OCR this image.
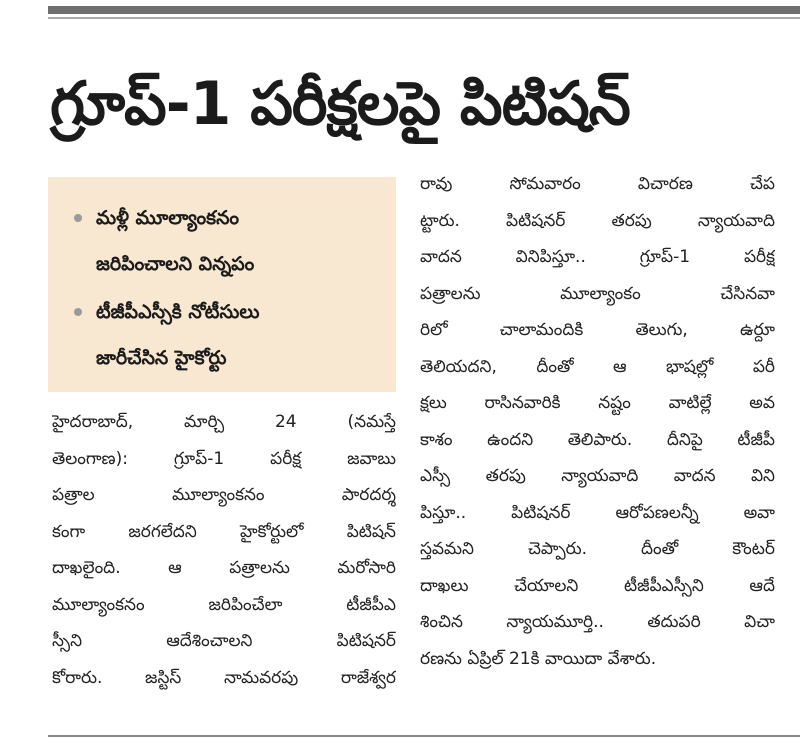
గ్రూప్-1 పరీక్షలపై పిటిషన్
మళ్లీ మూల్యాంకనం
జరిపించాలని విన్నపం
టీజీపీఎస్సీకి నోటీసులు
జారీచేసిన హైకోర్టు
హైదరాబాద్, మార్చి 24 (నమస్తే
తెలంగాణ): గ్రూప్-1 పరీక్ష జవాబు
పత్రాల మూల్యాంకనం పారదర్శ
కంగా జరగలేదని హైకోర్టులో పిటిషన్
దాఖలైంది. ఆ పత్రాలను మరోసారి
మూల్యాంకనం జరిపించేలా టీజీపీఎ
స్సీని ఆదేశించాలని పిటిషనర్
కోరారు. జస్టిస్ నామవరపు రాజేశ్వర
రావు సోమవారం విచారణ చేప
ట్టారు. పిటిషనర్ తరపు న్యాయవాది
వాదన వినిపిస్తూ.. గ్రూప్-1 పరీక్ష
పత్రాలను మూల్యాంకం చేసినవా
రిలో చాలామందికి తెలుగు, ఉర్దూ
తెలియదని, దీంతో ఆ భాషల్లో పరీ
క్షలు రాసినవారికి నష్టం వాటిల్లే అవ
కాశం ఉందని తెలిపారు. దీనిపై టీజీపీ
ఎస్సీ తరపు న్యాయవాది వాదన విని
పిస్తూ.. పిటిషనర్ ఆరోపణలన్నీ అవా
స్తవమని చెప్పారు. దీంతో కౌంటర్
దాఖలు చేయాలని టీజీపీఎస్సీని ఆదే
శించిన న్యాయమూర్తి.. తదుపరి విచా
రణను ఏప్రిల్ 21కి వాయిదా వేశారు.
